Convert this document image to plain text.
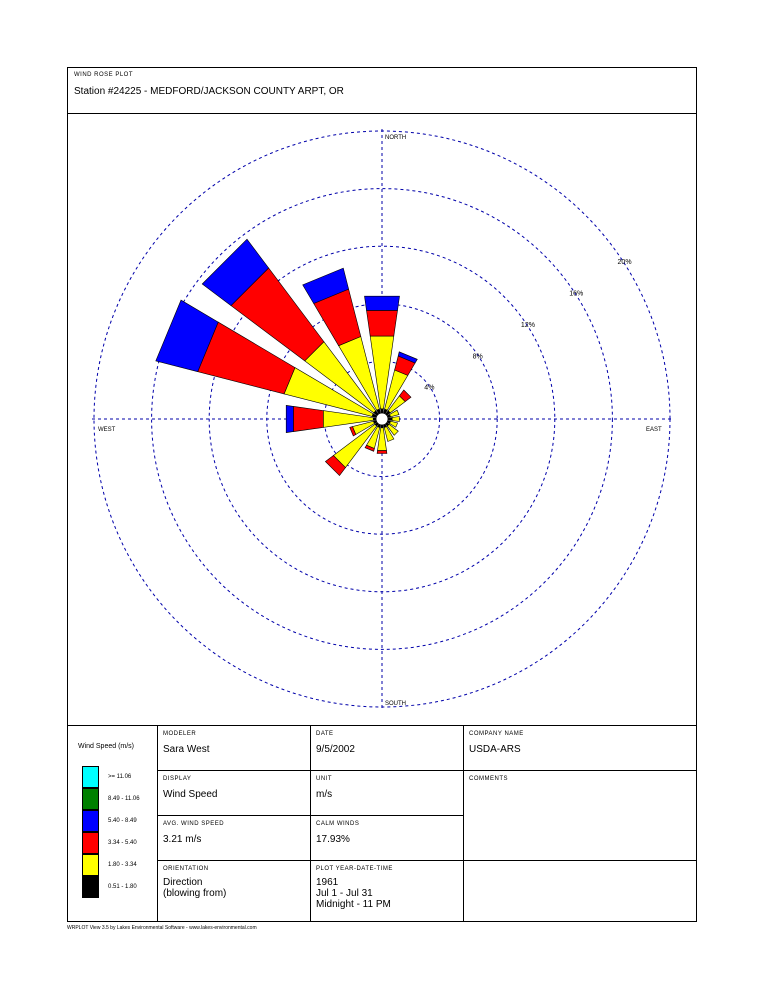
WIND ROSE PLOT
Station #24225 - MEDFORD/JACKSON COUNTY ARPT, OR
4%
8%
12%
16%
20%
NORTH
SOUTH
EAST
WEST
Wind Speed (m/s)
>= 11.06
8.49 - 11.06
5.40 - 8.49
3.34 - 5.40
1.80 - 3.34
0.51 - 1.80
MODELER
Sara West
DATE
9/5/2002
COMPANY NAME
USDA-ARS
DISPLAY
Wind Speed
UNIT
m/s
COMMENTS
AVG. WIND SPEED
3.21 m/s
CALM WINDS
17.93%
ORIENTATION
Direction
(blowing from)
PLOT YEAR-DATE-TIME
1961
Jul 1 - Jul 31
Midnight - 11 PM
WRPLOT View 3.5 by Lakes Environmental Software - www.lakes-environmental.com
